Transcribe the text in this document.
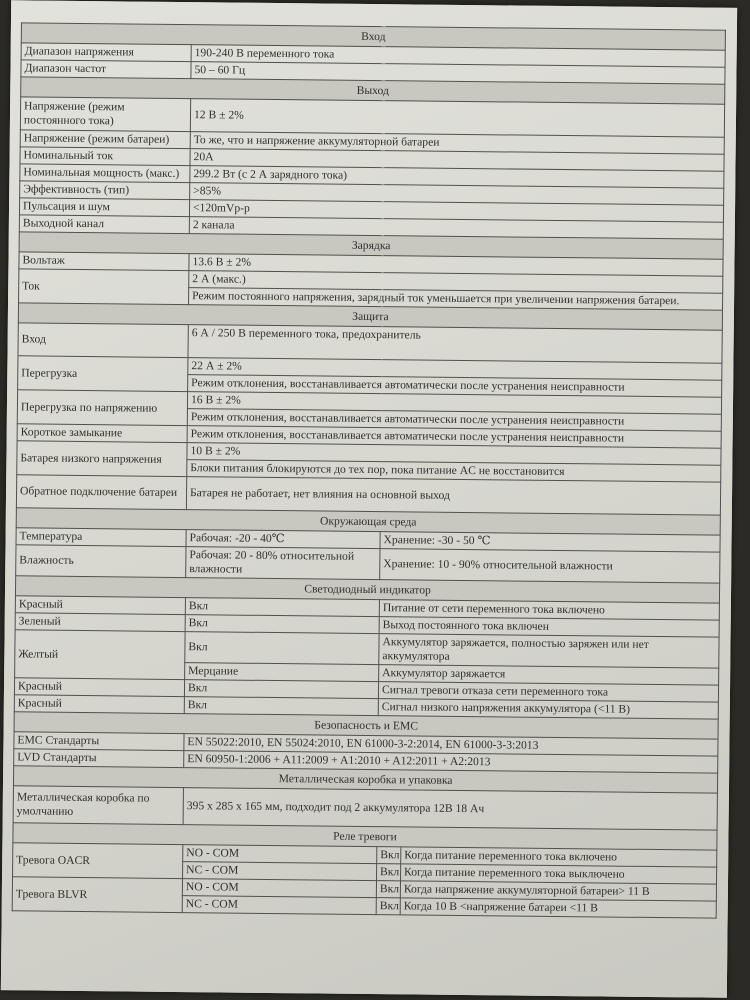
Вход			
Диапазон напряжения	190-240 В переменного тока		
Диапазон частот	50 – 60 Гц		
Выход			
Напряжение (режим постоянного тока)	12 В ± 2%		
Напряжение (режим батареи)	То же, что и напряжение аккумуляторной батареи		
Номинальный ток	20A		
Номинальная мощность (макс.)	299.2 Вт (с 2 А зарядного тока)		
Эффективность (тип)	>85%		
Пульсация и шум	<120mVp-p		
Выходной канал	2 канала		
Зарядка			
Вольтаж	13.6 В ± 2%		
Ток	2 А (макс.)		
	Режим постоянного напряжения, зарядный ток уменьшается при увеличении напряжения батареи.		
Защита			
Вход	6 А / 250 В переменного тока, предохранитель		
Перегрузка	22 А ± 2%		
	Режим отклонения, восстанавливается автоматически после устранения неисправности		
Перегрузка по напряжению	16 В ± 2%		
	Режим отклонения, восстанавливается автоматически после устранения неисправности		
Короткое замыкание	Режим отклонения, восстанавливается автоматически после устранения неисправности		
Батарея низкого напряжения	10 В ± 2%		
	Блоки питания блокируются до тех пор, пока питание AC не восстановится		
Обратное подключение батареи	Батарея не работает, нет влияния на основной выход		
Окружающая среда			
Температура	Рабочая: -20 - 40℃	Хранение: -30 - 50 ℃	
Влажность	Рабочая: 20 - 80% относительной влажности	Хранение: 10 - 90% относительной влажности	
Светодиодный индикатор			
Красный	Вкл	Питание от сети переменного тока включено	
Зеленый	Вкл	Выход постоянного тока включен	
Желтый	Вкл	Аккумулятор заряжается, полностью заряжен или нет аккумулятора	
	Мерцание	Аккумулятор заряжается	
Красный	Вкл	Сигнал тревоги отказа сети переменного тока	
Красный	Вкл	Сигнал низкого напряжения аккумулятора (<11 В)	
Безопасность и EMC			
EMC Стандарты	EN 55022:2010, EN 55024:2010, EN 61000-3-2:2014, EN 61000-3-3:2013		
LVD Стандарты	EN 60950-1:2006 + A11:2009 + A1:2010 + A12:2011 + A2:2013		
Металлическая коробка и упаковка			
Металлическая коробка по умолчанию	395 x 285 x 165 мм, подходит под 2 аккумулятора 12В 18 Ач		
Реле тревоги			
Тревога OACR	NO - COM	Вкл	Когда питание переменного тока включено
	NC - COM	Вкл	Когда питание переменного тока выключено
Тревога BLVR	NO - COM	Вкл	Когда напряжение аккумуляторной батареи> 11 В
	NC - COM	Вкл	Когда 10 В <напряжение батареи <11 В
